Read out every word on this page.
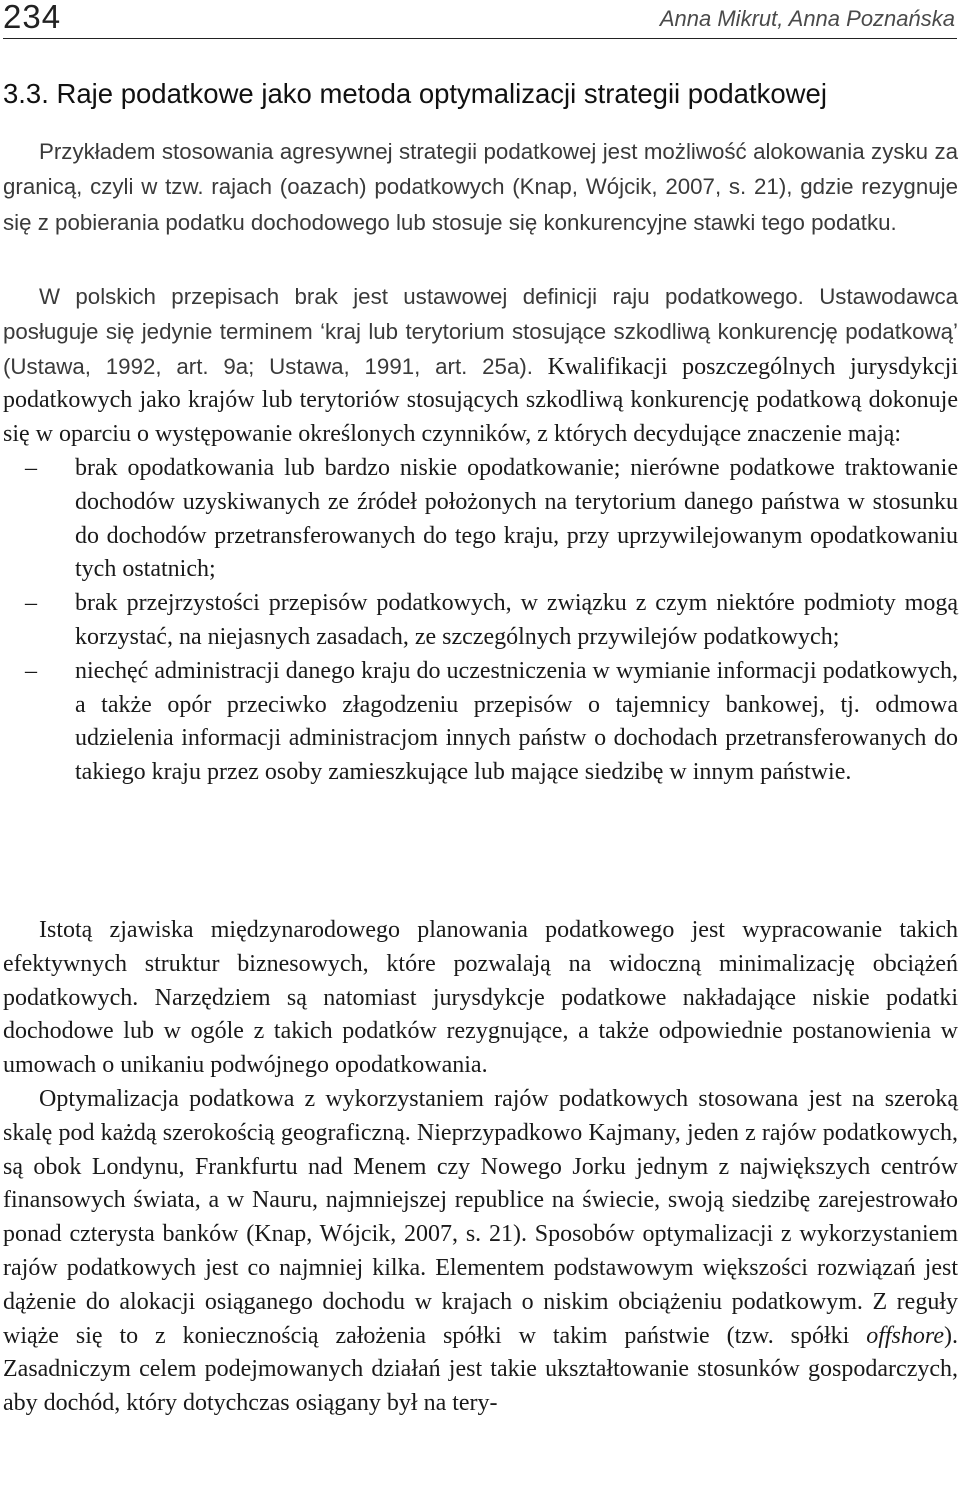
234	Anna Mikrut, Anna Poznańska
3.3. Raje podatkowe jako metoda optymalizacji strategii podatkowej

Przykładem stosowania agresywnej strategii podatkowej jest możliwość alokowania zysku za granicą, czyli w tzw. rajach (oazach) podatkowych (Knap, Wójcik, 2007, s. 21), gdzie rezygnuje się z pobierania podatku dochodowego lub stosuje się konkurencyjne stawki tego podatku.

W polskich przepisach brak jest ustawowej definicji raju podatkowego. Ustawodawca posługuje się jedynie terminem ‘kraj lub terytorium stosujące szkodliwą konkurencję podatkową’ (Ustawa, 1992, art. 9a; Ustawa, 1991, art. 25a). Kwalifikacji poszczególnych jurysdykcji podatkowych jako krajów lub terytoriów stosujących szkodliwą konkurencję podatkową dokonuje się w oparciu o występowanie określonych czynników, z których decydujące znaczenie mają:

– brak opodatkowania lub bardzo niskie opodatkowanie; nierówne podatkowe traktowanie dochodów uzyskiwanych ze źródeł położonych na terytorium danego państwa w stosunku do dochodów przetransferowanych do tego kraju, przy uprzywilejowanym opodatkowaniu tych ostatnich;
– brak przejrzystości przepisów podatkowych, w związku z czym niektóre podmioty mogą korzystać, na niejasnych zasadach, ze szczególnych przywilejów podatkowych;
– niechęć administracji danego kraju do uczestniczenia w wymianie informacji podatkowych, a także opór przeciwko złagodzeniu przepisów o tajemnicy bankowej, tj. odmowa udzielenia informacji administracjom innych państw o dochodach przetransferowanych do takiego kraju przez osoby zamieszkujące lub mające siedzibę w innym państwie.

Istotą zjawiska międzynarodowego planowania podatkowego jest wypracowanie takich efektywnych struktur biznesowych, które pozwalają na widoczną minimalizację obciążeń podatkowych. Narzędziem są natomiast jurysdykcje podatkowe nakładające niskie podatki dochodowe lub w ogóle z takich podatków rezygnujące, a także odpowiednie postanowienia w umowach o unikaniu podwójnego opodatkowania.

Optymalizacja podatkowa z wykorzystaniem rajów podatkowych stosowana jest na szeroką skalę pod każdą szerokością geograficzną. Nieprzypadkowo Kajmany, jeden z rajów podatkowych, są obok Londynu, Frankfurtu nad Menem czy Nowego Jorku jednym z największych centrów finansowych świata, a w Nauru, najmniejszej republice na świecie, swoją siedzibę zarejestrowało ponad czterysta banków (Knap, Wójcik, 2007, s. 21). Sposobów optymalizacji z wykorzystaniem rajów podatkowych jest co najmniej kilka. Elementem podstawowym większości rozwiązań jest dążenie do alokacji osiąganego dochodu w krajach o niskim obciążeniu podatkowym. Z reguły wiąże się to z koniecznością założenia spółki w takim państwie (tzw. spółki offshore). Zasadniczym celem podejmowanych działań jest takie ukształtowanie stosunków gospodarczych, aby dochód, który dotychczas osiągany był na tery-
